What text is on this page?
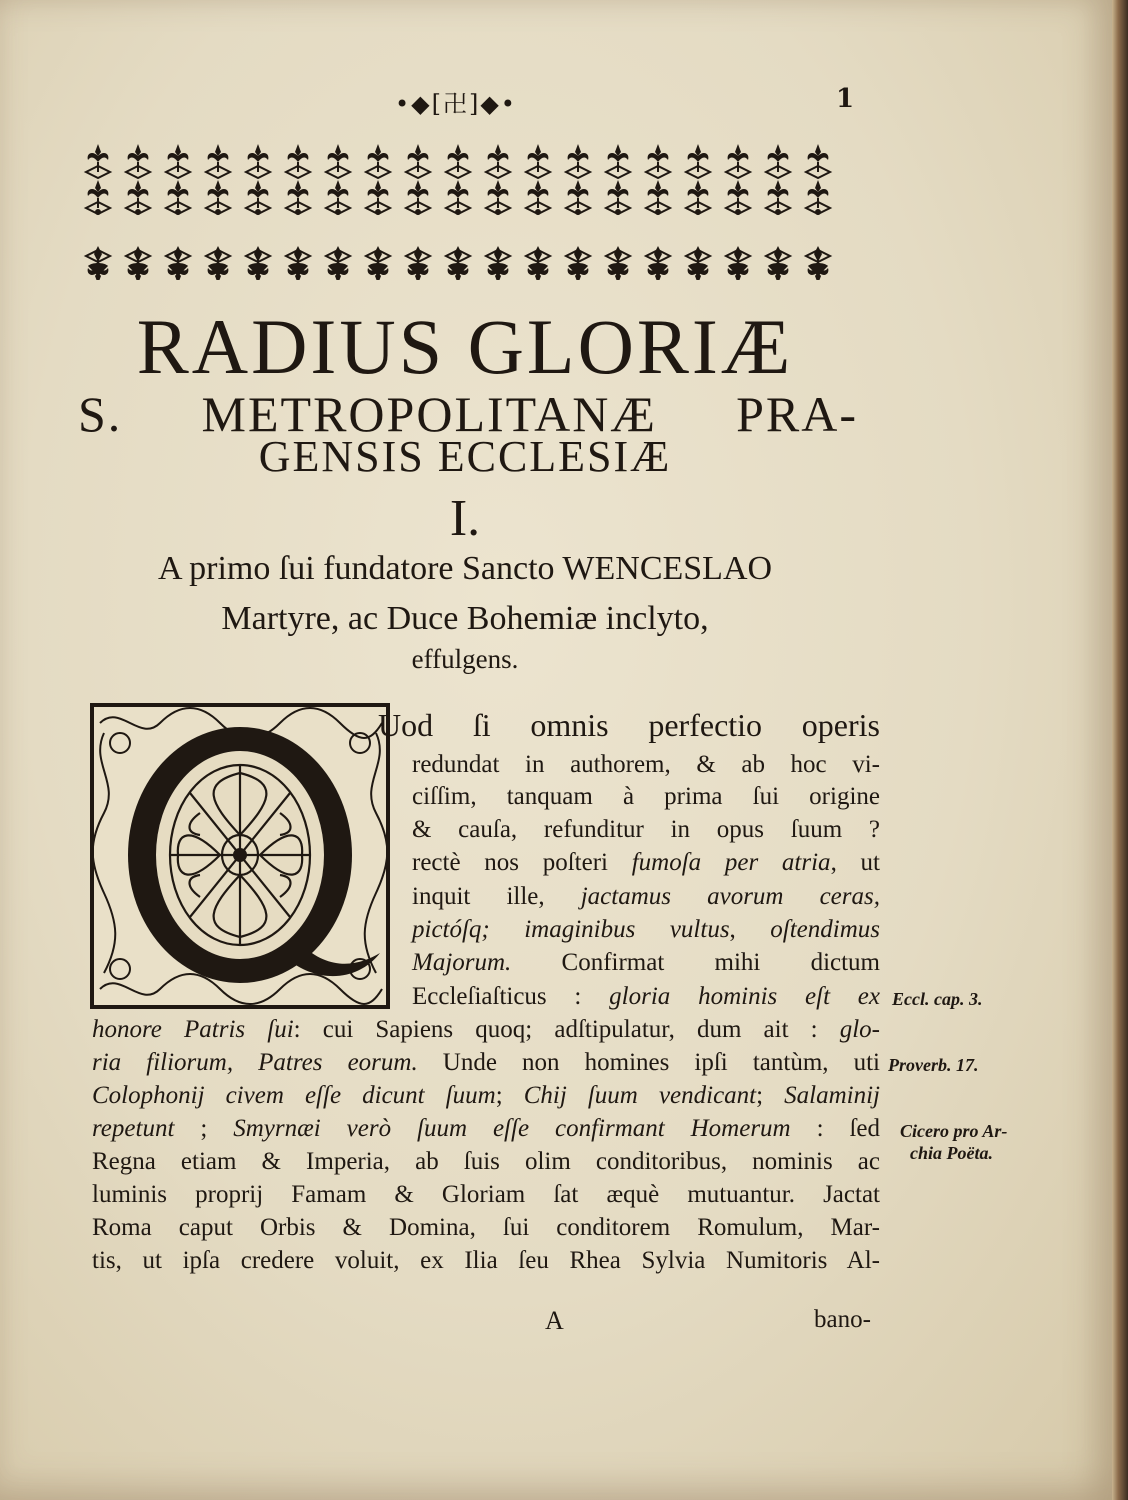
•◆[卍]◆•	1
RADIUS GLORIÆ
S. METROPOLITANÆ PRA-
GENSIS ECCLESIÆ
I.
A primo ſui fundatore Sancto WENCESLAO
Martyre, ac Duce Bohemiæ inclyto,
effulgens.
Uod ſi omnis perfectio operis
redundat in authorem, & ab hoc vi-
ciſſim, tanquam à prima ſui origine
& cauſa, refunditur in opus ſuum ?
rectè nos poſteri fumoſa per atria, ut
inquit ille, jactamus avorum ceras,
pictóſq; imaginibus vultus, oſtendimus
Majorum. Confirmat mihi dictum
Eccleſiaſticus : gloria hominis eſt ex
honore Patris ſui: cui Sapiens quoq; adſtipulatur, dum ait : glo-
ria filiorum, Patres eorum. Unde non homines ipſi tantùm, uti
Colophonij civem eſſe dicunt ſuum; Chij ſuum vendicant; Salaminij
repetunt ; Smyrnæi verò ſuum eſſe confirmant Homerum : ſed
Regna etiam & Imperia, ab ſuis olim conditoribus, nominis ac
luminis proprij Famam & Gloriam ſat æquè mutuantur. Jactat
Roma caput Orbis & Domina, ſui conditorem Romulum, Mar-
tis, ut ipſa credere voluit, ex Ilia ſeu Rhea Sylvia Numitoris Al-
Eccl. cap. 3.
Proverb. 17.
Cicero pro Ar-
chia Poëta.
A	bano-
